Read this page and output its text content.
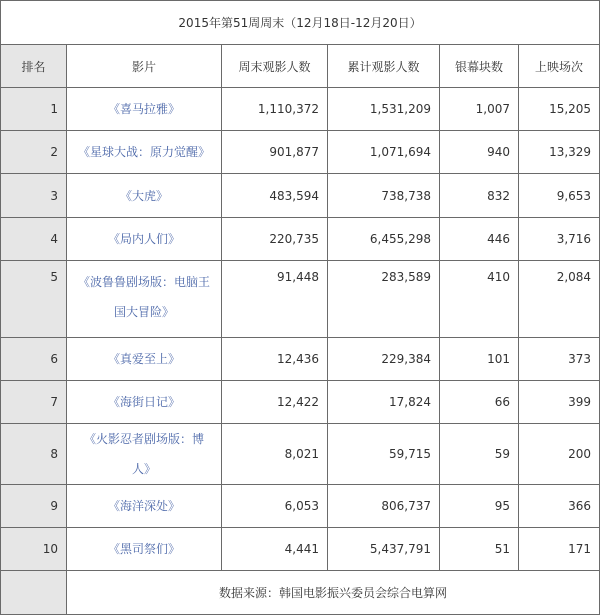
2015年第51周周末（12月18日-12月20日）					
排名	影片	周末观影人数	累计观影人数	银幕块数	上映场次
1	《喜马拉雅》	1,110,372	1,531,209	1,007	15,205
2	《星球大战：原力觉醒》	901,877	1,071,694	940	13,329
3	《大虎》	483,594	738,738	832	9,653
4	《局内人们》	220,735	6,455,298	446	3,716
5	《波鲁鲁剧场版：电脑王国大冒险》	91,448	283,589	410	2,084
6	《真爱至上》	12,436	229,384	101	373
7	《海街日记》	12,422	17,824	66	399
8	《火影忍者剧场版：博人》	8,021	59,715	59	200
9	《海洋深处》	6,053	806,737	95	366
10	《黑司祭们》	4,441	5,437,791	51	171
	数据来源：韩国电影振兴委员会综合电算网				
